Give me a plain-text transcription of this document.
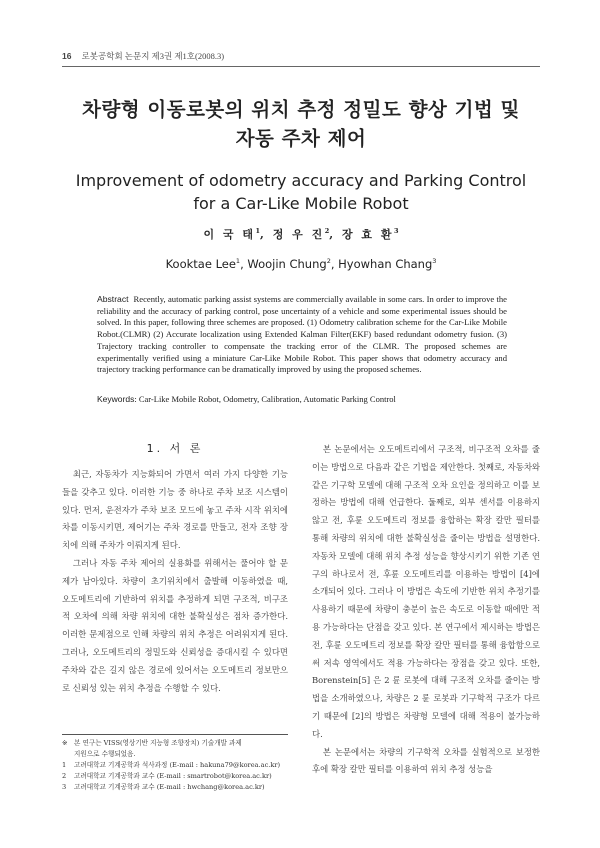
16 로봇공학회 논문지 제3권 제1호(2008.3)
차량형 이동로봇의 위치 추정 정밀도 향상 기법 및
자동 주차 제어
Improvement of odometry accuracy and Parking Control
for a Car-Like Mobile Robot
이 국 태$^1$, 정 우 진$^2$, 장 효 환$^3$
Kooktae Lee$^1$, Woojin Chung$^2$, Hyowhan Chang$^3$
Abstract Recently, automatic parking assist systems are commercially available in some cars. In order to improve the reliability and the accuracy of parking control, pose uncertainty of a vehicle and some experimental issues should be solved. In this paper, following three schemes are proposed. (1) Odometry calibration scheme for the Car-Like Mobile Robot.(CLMR) (2) Accurate localization using Extended Kalman Filter(EKF) based redundant odometry fusion. (3) Trajectory tracking controller to compensate the tracking error of the CLMR. The proposed schemes are experimentally verified using a miniature Car-Like Mobile Robot. This paper shows that odometry accuracy and trajectory tracking performance can be dramatically improved by using the proposed schemes.
Keywords: Car-Like Mobile Robot, Odometry, Calibration, Automatic Parking Control
1. 서 론

최근, 자동차가 지능화되어 가면서 여러 가지 다양한 기능들을 갖추고 있다. 이러한 기능 중 하나로 주차 보조 시스템이 있다. 먼저, 운전자가 주차 보조 모드에 놓고 주차 시작 위치에 차를 이동시키면, 제어기는 주차 경로를 만들고, 전자 조향 장치에 의해 주차가 이뤄지게 된다.

그러나 자동 주차 제어의 실용화를 위해서는 풀어야 할 문제가 남아있다. 차량이 초기위치에서 출발해 이동하였을 때, 오도메트리에 기반하여 위치를 추정하게 되면 구조적, 비구조적 오차에 의해 차량 위치에 대한 불확실성은 점차 증가한다. 이러한 문제점으로 인해 차량의 위치 추정은 어려워지게 된다. 그러나, 오도메트리의 정밀도와 신뢰성을 증대시킬 수 있다면 주차와 같은 길지 않은 경로에 있어서는 오도메트리 정보만으로 신뢰성 있는 위치 추정을 수행할 수 있다.

본 논문에서는 오도메트리에서 구조적, 비구조적 오차를 줄이는 방법으로 다음과 같은 기법을 제안한다. 첫째로, 자동차와 같은 기구학 모델에 대해 구조적 오차 요인을 정의하고 이를 보정하는 방법에 대해 언급한다. 둘째로, 외부 센서를 이용하지 않고 전, 후륜 오도메트리 정보를 융합하는 확장 칼만 필터를 통해 차량의 위치에 대한 불확실성을 줄이는 방법을 설명한다. 자동차 모델에 대해 위치 추정 성능을 향상시키기 위한 기존 연구의 하나로서 전, 후륜 오도메트리를 이용하는 방법이 [4]에 소개되어 있다. 그러나 이 방법은 속도에 기반한 위치 추정기를 사용하기 때문에 차량이 충분이 높은 속도로 이동할 때에만 적용 가능하다는 단점을 갖고 있다. 본 연구에서 제시하는 방법은 전, 후륜 오도메트리 정보를 확장 칼만 필터를 통해 융합함으로써 저속 영역에서도 적용 가능하다는 장점을 갖고 있다. 또한, Borenstein[5] 은 2 륜 로봇에 대해 구조적 오차를 줄이는 방법을 소개하였으나, 차량은 2 륜 로봇과 기구학적 구조가 다르기 때문에 [2]의 방법은 차량형 모델에 대해 적용이 불가능하다.

본 논문에서는 차량의 기구학적 오차를 실험적으로 보정한 후에 확장 칼만 필터를 이용하여 위치 추정 성능을

※ 본 연구는 VISS(영상기반 지능형 조향장치) 기술개발 과제
지원으로 수행되었음.
1 고려대학교 기계공학과 석사과정 (E-mail : hakuna79@korea.ac.kr)
2 고려대학교 기계공학과 교수 (E-mail : smartrobot@korea.ac.kr)
3 고려대학교 기계공학과 교수 (E-mail : hwchang@korea.ac.kr)
